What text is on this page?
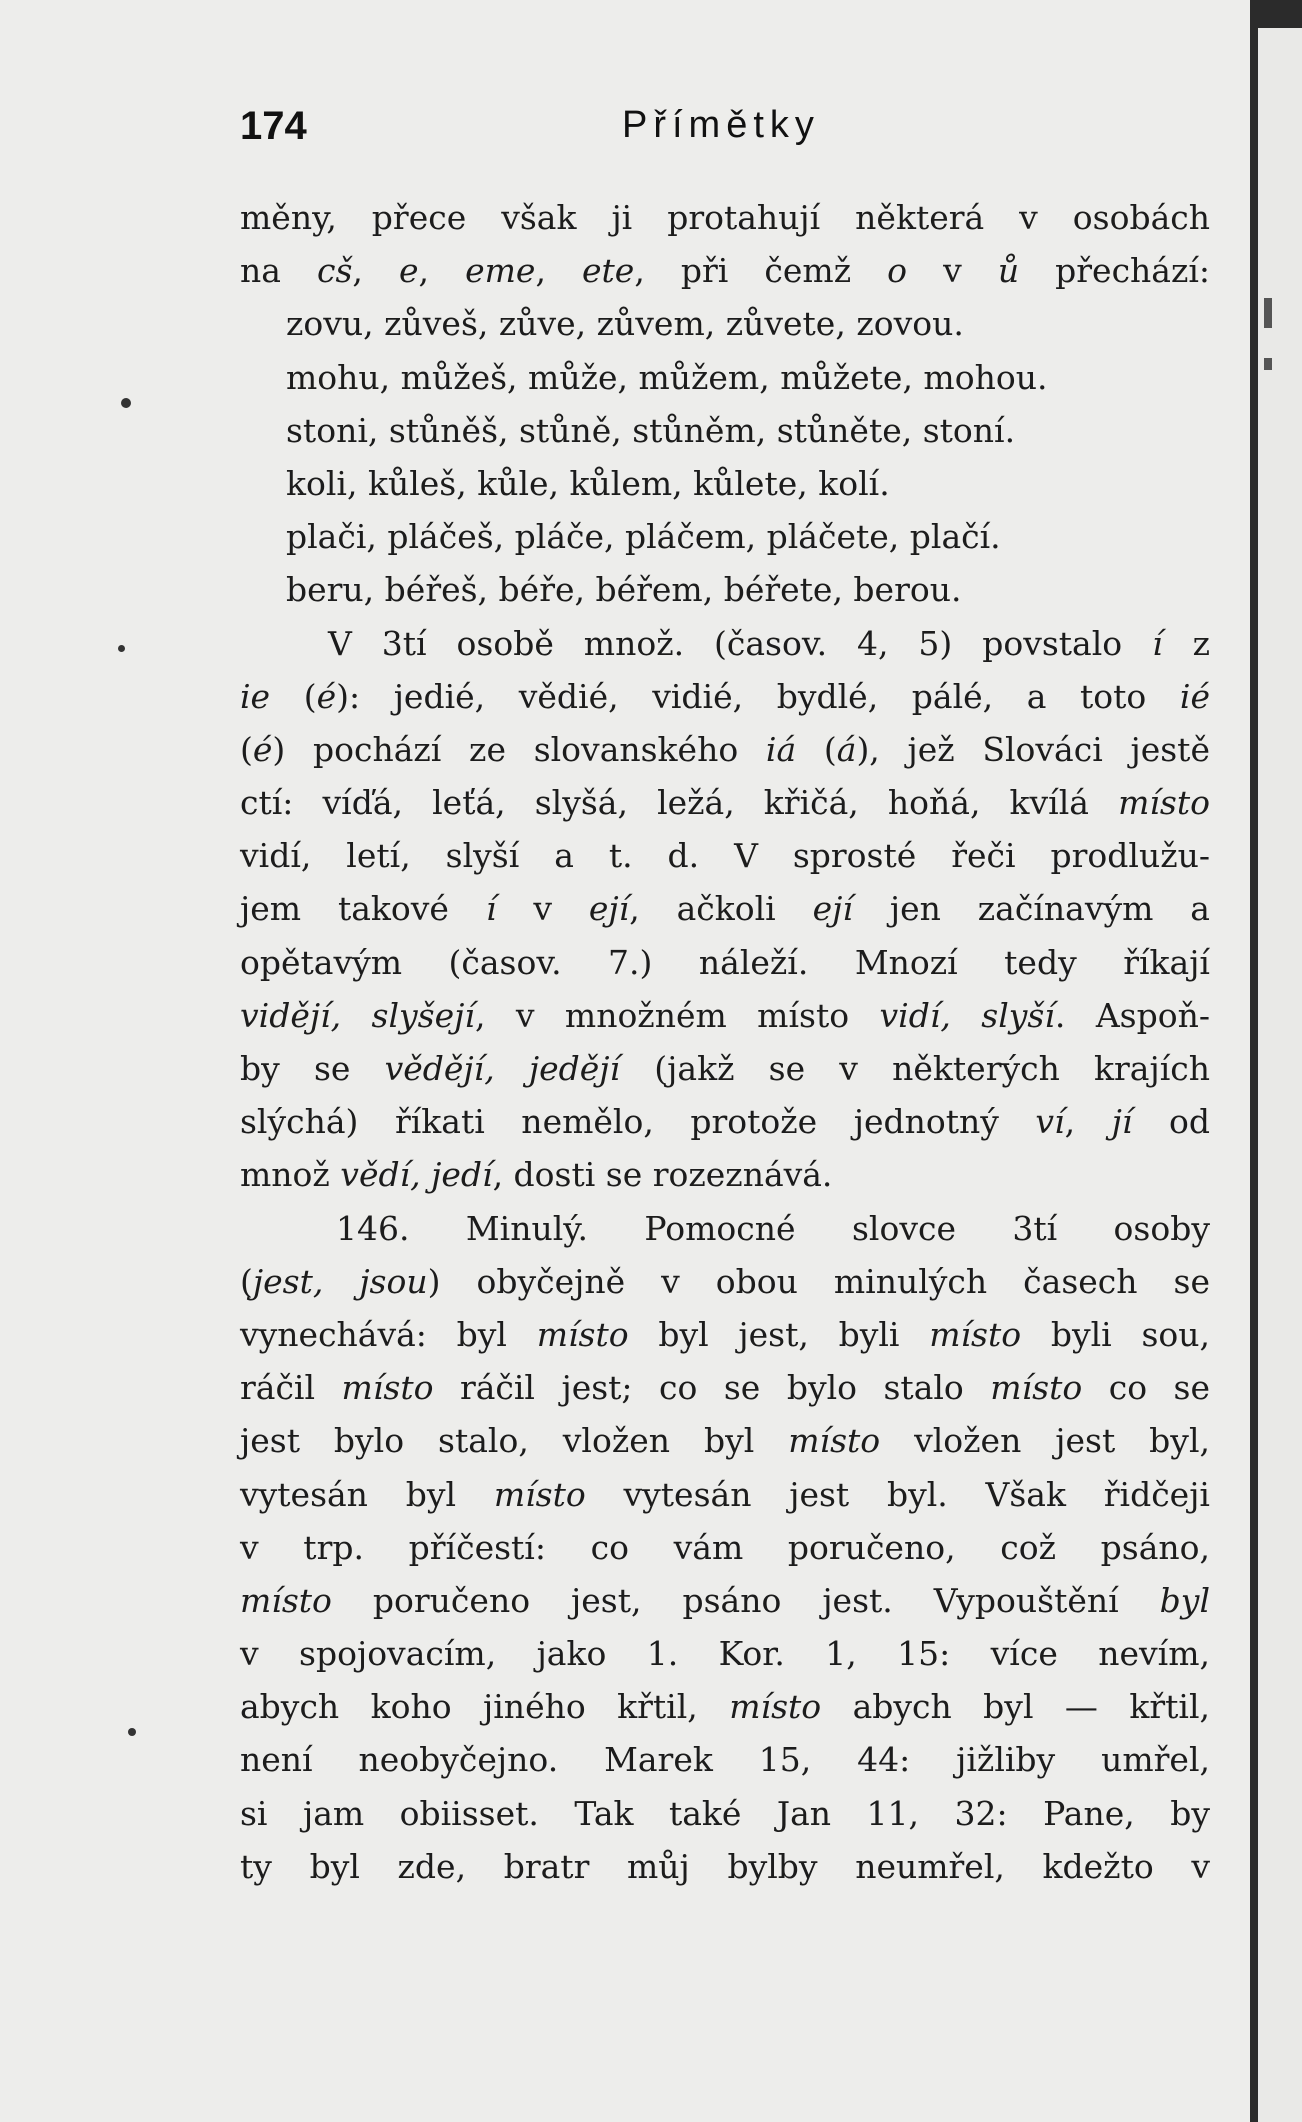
174	Přímětky
měny, přece však ji protahují některá v osobách
na cš, e, eme, ete, při čemž o v ů přechází:
zovu, zůveš, zůve, zůvem, zůvete, zovou.
mohu, můžeš, může, můžem, můžete, mohou.
stoni, stůněš, stůně, stůněm, stůněte, stoní.
koli, kůleš, kůle, kůlem, kůlete, kolí.
plači, pláčeš, pláče, pláčem, pláčete, plačí.
beru, béřeš, béře, béřem, béřete, berou.
V 3tí osobě množ. (časov. 4, 5) povstalo í z
ie (é): jedié, vědié, vidié, bydlé, pálé, a toto ié
(é) pochází ze slovanského iá (á), jež Slováci jestě
ctí: víďá, leťá, slyšá, ležá, křičá, hoňá, kvílá místo
vidí, letí, slyší a t. d. V sprosté řeči prodlužu-
jem takové í v ejí, ačkoli ejí jen začínavým a
opětavým (časov. 7.) náleží. Mnozí tedy říkají
vidějí, slyšejí, v množném místo vidí, slyší. Aspoň-
by se vědějí, jedějí (jakž se v některých krajích
slýchá) říkati nemělo, protože jednotný ví, jí od
množ vědí, jedí, dosti se rozeznává.
146. Minulý. Pomocné slovce 3tí osoby
(jest, jsou) obyčejně v obou minulých časech se
vynechává: byl místo byl jest, byli místo byli sou,
ráčil místo ráčil jest; co se bylo stalo místo co se
jest bylo stalo, vložen byl místo vložen jest byl,
vytesán byl místo vytesán jest byl. Však řidčeji
v trp. příčestí: co vám poručeno, což psáno,
místo poručeno jest, psáno jest. Vypouštění byl
v spojovacím, jako 1. Kor. 1, 15: více nevím,
abych koho jiného křtil, místo abych byl — křtil,
není neobyčejno. Marek 15, 44: jižliby umřel,
si jam obiisset. Tak také Jan 11, 32: Pane, by
ty byl zde, bratr můj bylby neumřel, kdežto v
